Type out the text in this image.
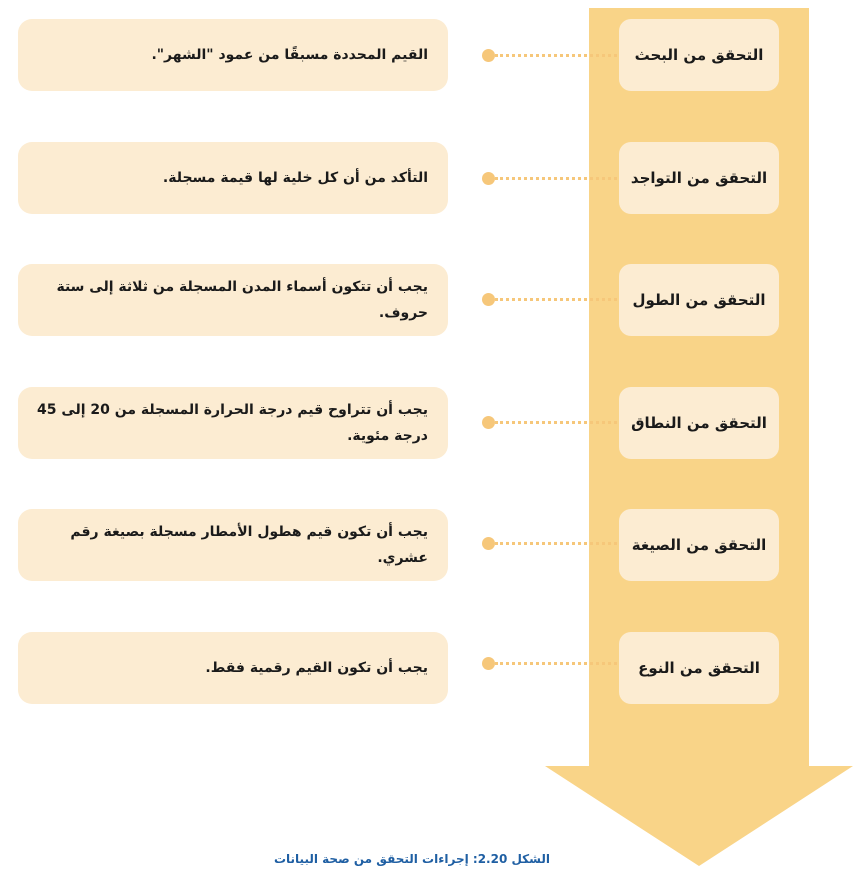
التحقق من البحث
القيم المحددة مسبقًا من عمود "الشهر".
التحقق من التواجد
التأكد من أن كل خلية لها قيمة مسجلة.
التحقق من الطول
يجب أن تتكون أسماء المدن المسجلة من ثلاثة إلى ستة حروف.
التحقق من النطاق
يجب أن تتراوح قيم درجة الحرارة المسجلة من 20 إلى 45 درجة مئوية.
التحقق من الصيغة
يجب أن تكون قيم هطول الأمطار مسجلة بصيغة رقم عشري.
التحقق من النوع
يجب أن تكون القيم رقمية فقط.
الشكل 2.20: إجراءات التحقق من صحة البيانات
